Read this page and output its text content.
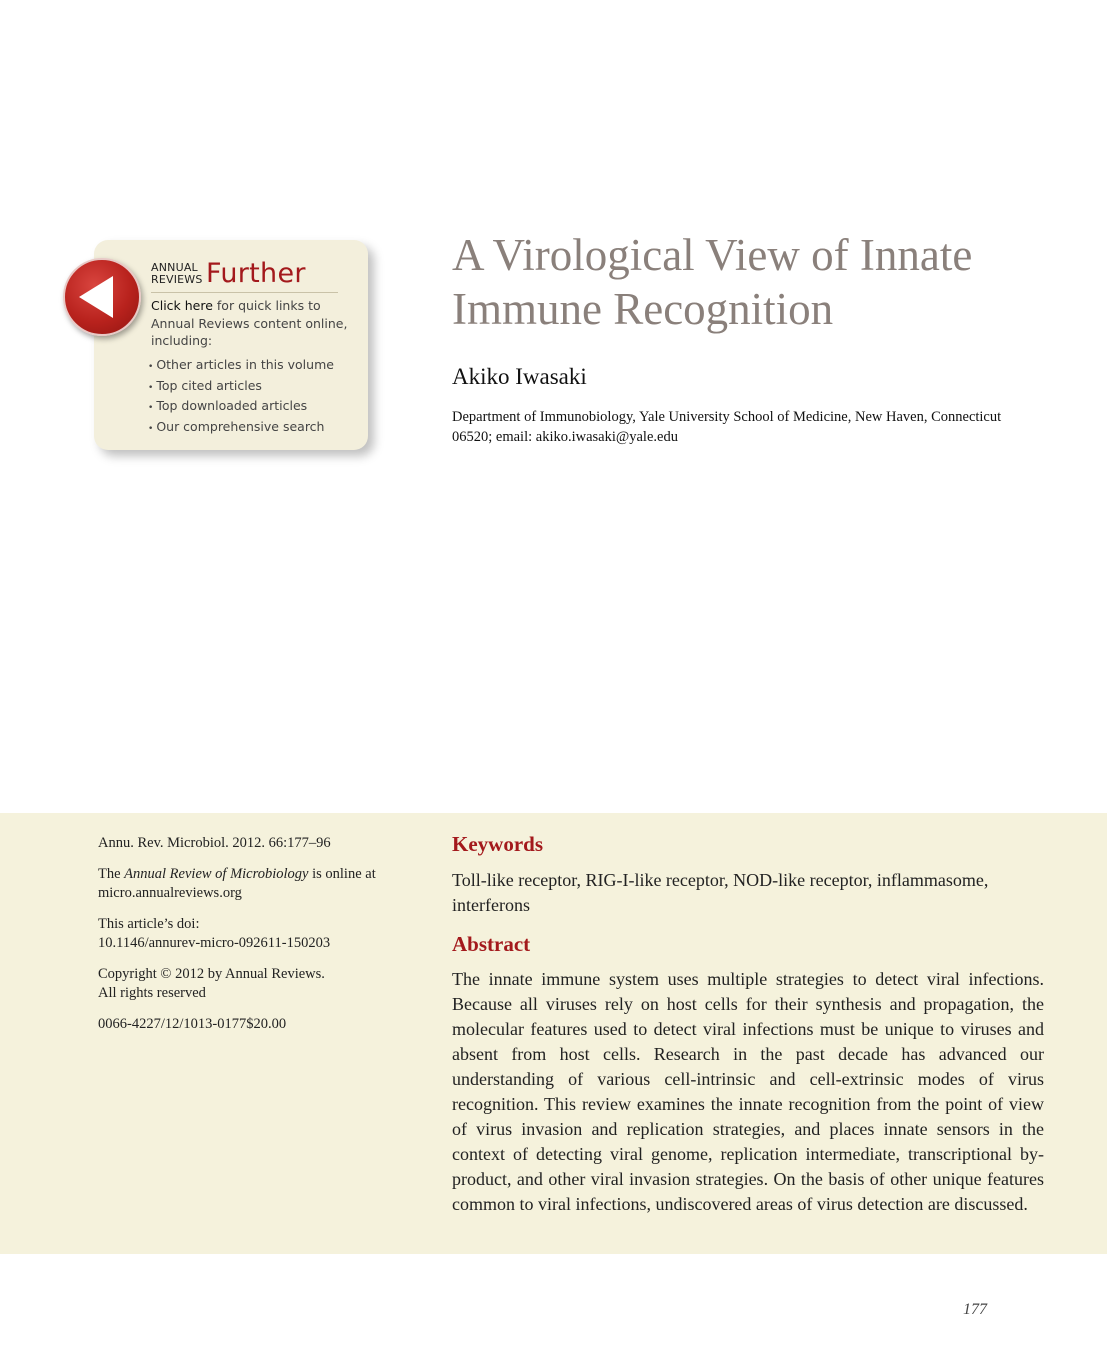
ANNUAL
REVIEWS Further
Click here for quick links to Annual Reviews content online, including:
• Other articles in this volume
• Top cited articles
• Top downloaded articles
• Our comprehensive search
A Virological View of Innate Immune Recognition
Akiko Iwasaki
Department of Immunobiology, Yale University School of Medicine, New Haven, Connecticut 06520; email: akiko.iwasaki@yale.edu

Annu. Rev. Microbiol. 2012. 66:177–96

The Annual Review of Microbiology is online at micro.annualreviews.org

This article’s doi:
10.1146/annurev-micro-092611-150203

Copyright © 2012 by Annual Reviews.
All rights reserved

0066-4227/12/1013-0177$20.00

Keywords
Toll-like receptor, RIG-I-like receptor, NOD-like receptor, inflammasome, interferons
Abstract

The innate immune system uses multiple strategies to detect viral infections. Because all viruses rely on host cells for their synthesis and propagation, the molecular features used to detect viral infections must be unique to viruses and absent from host cells. Research in the past decade has advanced our understanding of various cell-intrinsic and cell-extrinsic modes of virus recognition. This review examines the innate recognition from the point of view of virus invasion and replication strategies, and places innate sensors in the context of detecting viral genome, replication intermediate, transcriptional by-product, and other viral invasion strategies. On the basis of other unique features common to viral infections, undiscovered areas of virus detection are discussed.

177
